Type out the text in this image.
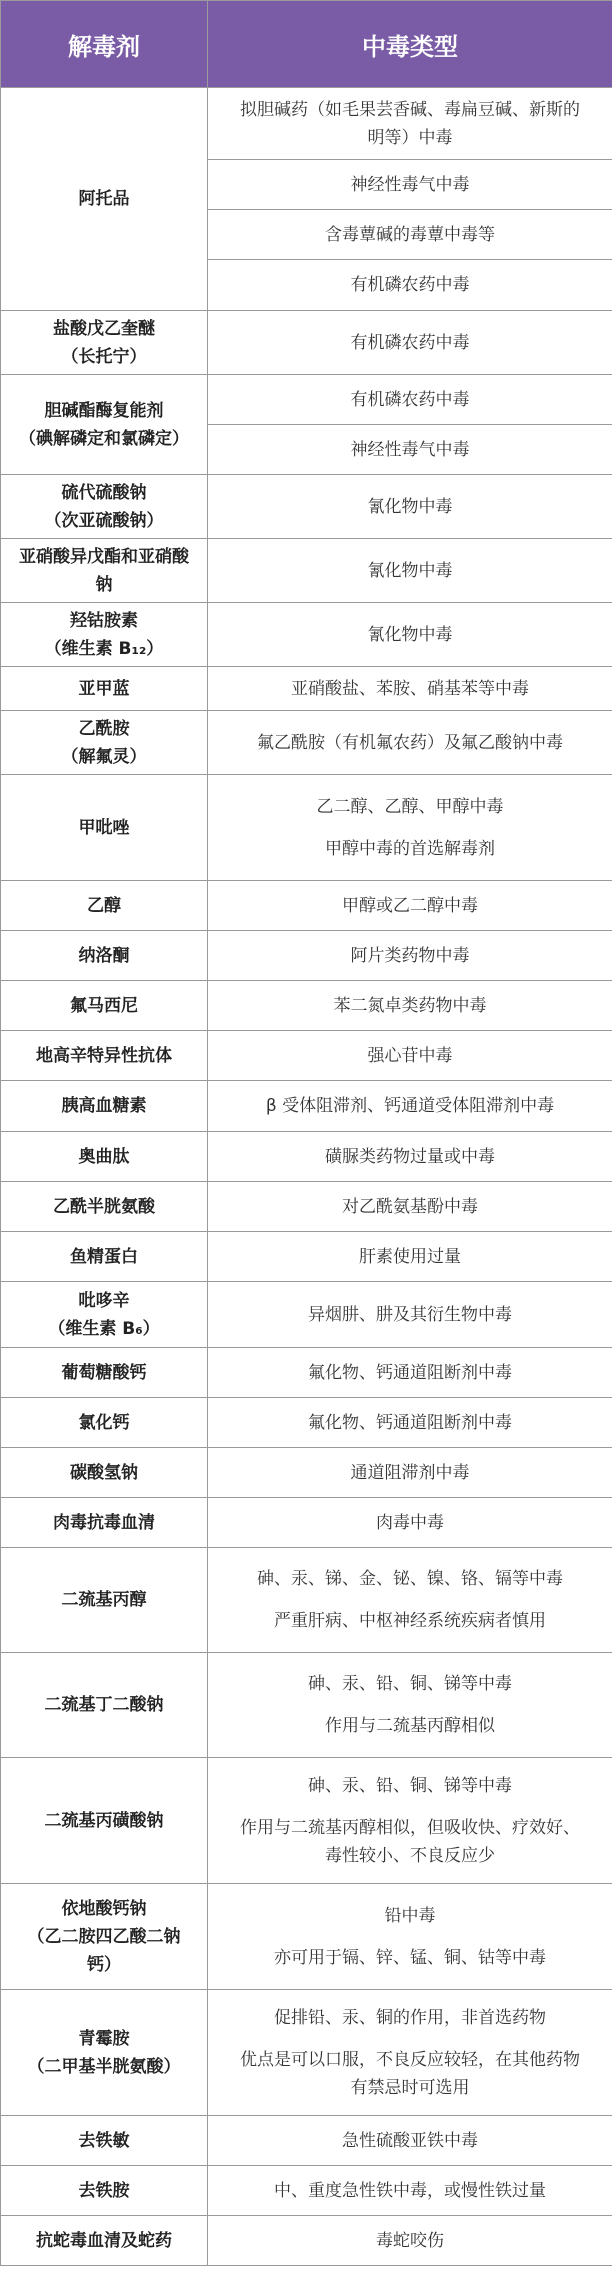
解毒剂	中毒类型

阿托品	拟胆碱药（如毛果芸香碱、毒扁豆碱、新斯的
明等）中毒

	神经性毒气中毒

	含毒蕈碱的毒蕈中毒等

	有机磷农药中毒

盐酸戊乙奎醚
（长托宁）	有机磷农药中毒

胆碱酯酶复能剂
（碘解磷定和氯磷定）	有机磷农药中毒

	神经性毒气中毒

硫代硫酸钠
（次亚硫酸钠）	氰化物中毒

亚硝酸异戊酯和亚硝酸
钠	氰化物中毒

羟钴胺素
（维生素 B₁₂）	氰化物中毒

亚甲蓝	亚硝酸盐、苯胺、硝基苯等中毒

乙酰胺
（解氟灵）	氟乙酰胺（有机氟农药）及氟乙酸钠中毒

甲吡唑	乙二醇、乙醇、甲醇中毒
甲醇中毒的首选解毒剂

乙醇	甲醇或乙二醇中毒

纳洛酮	阿片类药物中毒

氟马西尼	苯二氮卓类药物中毒

地高辛特异性抗体	强心苷中毒

胰高血糖素	β 受体阻滞剂、钙通道受体阻滞剂中毒

奥曲肽	磺脲类药物过量或中毒

乙酰半胱氨酸	对乙酰氨基酚中毒

鱼精蛋白	肝素使用过量

吡哆辛
（维生素 B₆）	异烟肼、肼及其衍生物中毒

葡萄糖酸钙	氟化物、钙通道阻断剂中毒

氯化钙	氟化物、钙通道阻断剂中毒

碳酸氢钠	通道阻滞剂中毒

肉毒抗毒血清	肉毒中毒

二巯基丙醇	砷、汞、锑、金、铋、镍、铬、镉等中毒
严重肝病、中枢神经系统疾病者慎用

二巯基丁二酸钠	砷、汞、铅、铜、锑等中毒
作用与二巯基丙醇相似

二巯基丙磺酸钠	砷、汞、铅、铜、锑等中毒
作用与二巯基丙醇相似，但吸收快、疗效好、
毒性较小、不良反应少

依地酸钙钠
（乙二胺四乙酸二钠
钙）	铅中毒
亦可用于镉、锌、锰、铜、钴等中毒

青霉胺
（二甲基半胱氨酸）	促排铅、汞、铜的作用，非首选药物
优点是可以口服，不良反应较轻，在其他药物
有禁忌时可选用

去铁敏	急性硫酸亚铁中毒

去铁胺	中、重度急性铁中毒，或慢性铁过量

抗蛇毒血清及蛇药	毒蛇咬伤
